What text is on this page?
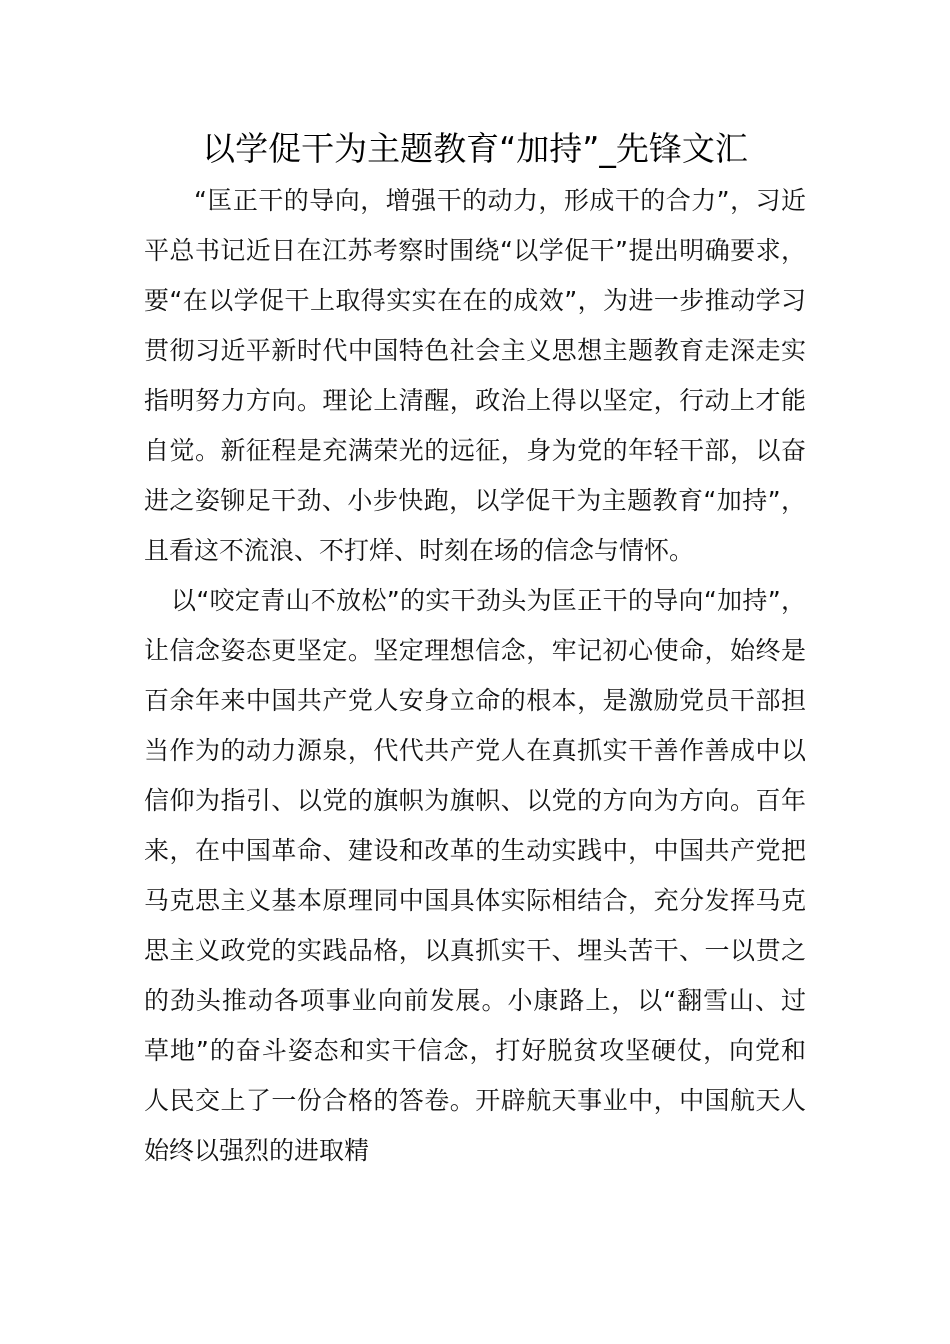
以学促干为主题教育“加持”_先锋文汇

“匡正干的导向，增强干的动力，形成干的合力”，习近平总书记近日在江苏考察时围绕“以学促干”提出明确要求，要“在以学促干上取得实实在在的成效”，为进一步推动学习贯彻习近平新时代中国特色社会主义思想主题教育走深走实指明努力方向。理论上清醒，政治上得以坚定，行动上才能自觉。新征程是充满荣光的远征，身为党的年轻干部，以奋进之姿铆足干劲、小步快跑，以学促干为主题教育“加持”，且看这不流浪、不打烊、时刻在场的信念与情怀。

以“咬定青山不放松”的实干劲头为匡正干的导向“加持”，让信念姿态更坚定。坚定理想信念，牢记初心使命，始终是百余年来中国共产党人安身立命的根本，是激励党员干部担当作为的动力源泉，代代共产党人在真抓实干善作善成中以信仰为指引、以党的旗帜为旗帜、以党的方向为方向。百年来，在中国革命、建设和改革的生动实践中，中国共产党把马克思主义基本原理同中国具体实际相结合，充分发挥马克思主义政党的实践品格，以真抓实干、埋头苦干、一以贯之的劲头推动各项事业向前发展。小康路上，以“翻雪山、过草地”的奋斗姿态和实干信念，打好脱贫攻坚硬仗，向党和人民交上了一份合格的答卷。开辟航天事业中，中国航天人始终以强烈的进取精
